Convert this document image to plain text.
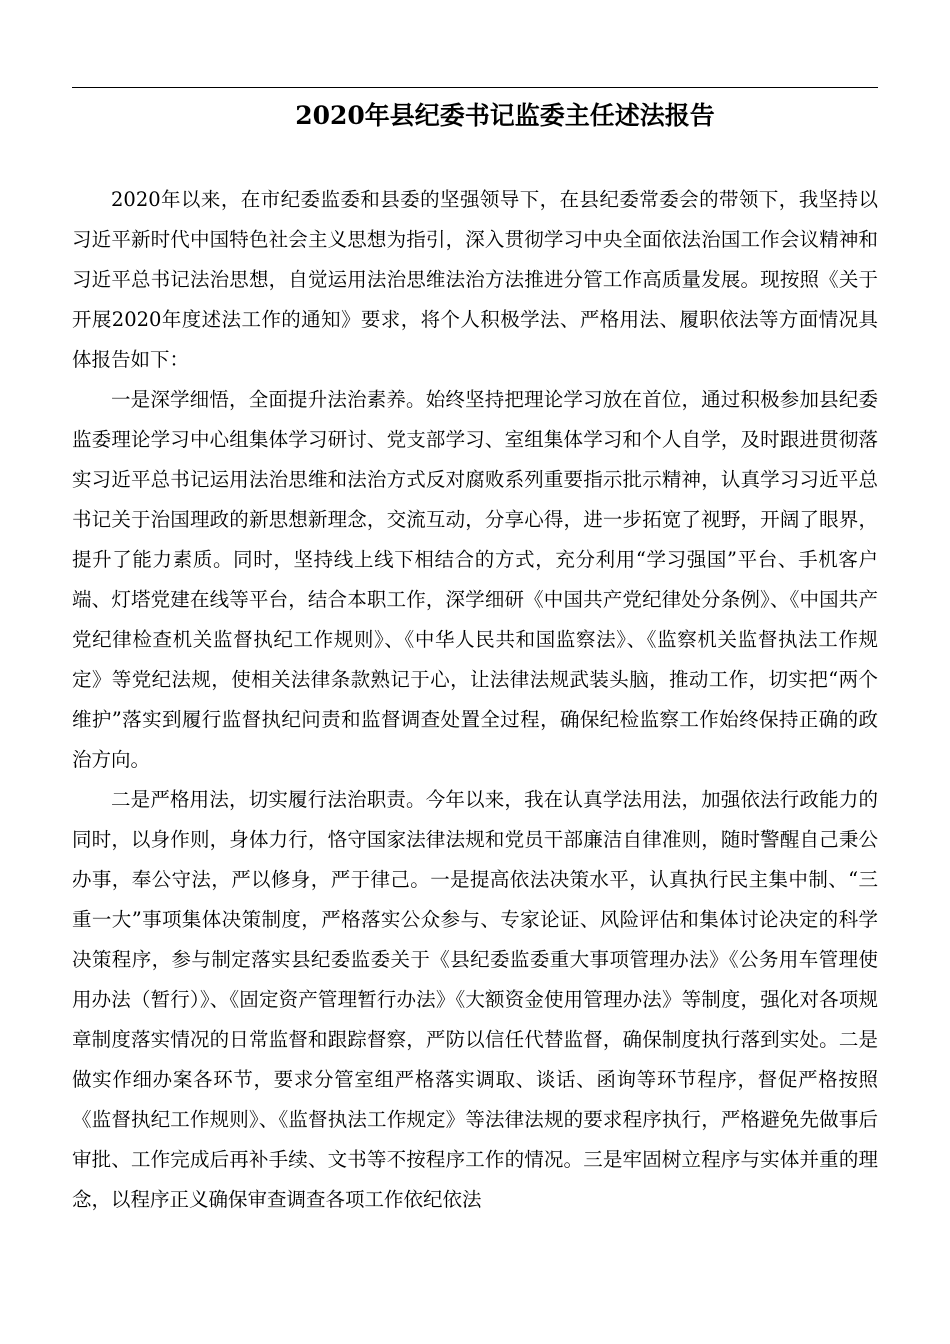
2020年县纪委书记监委主任述法报告

2020年以来，在市纪委监委和县委的坚强领导下，在县纪委常委会的带领下，我坚持以习近平新时代中国特色社会主义思想为指引，深入贯彻学习中央全面依法治国工作会议精神和习近平总书记法治思想，自觉运用法治思维法治方法推进分管工作高质量发展。现按照《关于开展2020年度述法工作的通知》要求，将个人积极学法、严格用法、履职依法等方面情况具体报告如下：

一是深学细悟，全面提升法治素养。始终坚持把理论学习放在首位，通过积极参加县纪委监委理论学习中心组集体学习研讨、党支部学习、室组集体学习和个人自学，及时跟进贯彻落实习近平总书记运用法治思维和法治方式反对腐败系列重要指示批示精神，认真学习习近平总书记关于治国理政的新思想新理念，交流互动，分享心得，进一步拓宽了视野，开阔了眼界，提升了能力素质。同时，坚持线上线下相结合的方式，充分利用“学习强国”平台、手机客户端、灯塔党建在线等平台，结合本职工作，深学细研《中国共产党纪律处分条例》、《中国共产党纪律检查机关监督执纪工作规则》、《中华人民共和国监察法》、《监察机关监督执法工作规定》等党纪法规，使相关法律条款熟记于心，让法律法规武装头脑，推动工作，切实把“两个维护”落实到履行监督执纪问责和监督调查处置全过程，确保纪检监察工作始终保持正确的政治方向。

二是严格用法，切实履行法治职责。今年以来，我在认真学法用法，加强依法行政能力的同时，以身作则，身体力行，恪守国家法律法规和党员干部廉洁自律准则，随时警醒自己秉公办事，奉公守法，严以修身，严于律己。一是提高依法决策水平，认真执行民主集中制、“三重一大”事项集体决策制度，严格落实公众参与、专家论证、风险评估和集体讨论决定的科学决策程序，参与制定落实县纪委监委关于《县纪委监委重大事项管理办法》《公务用车管理使用办法（暂行）》、《固定资产管理暂行办法》《大额资金使用管理办法》等制度，强化对各项规章制度落实情况的日常监督和跟踪督察，严防以信任代替监督，确保制度执行落到实处。二是做实作细办案各环节，要求分管室组严格落实调取、谈话、函询等环节程序，督促严格按照《监督执纪工作规则》、《监督执法工作规定》等法律法规的要求程序执行，严格避免先做事后审批、工作完成后再补手续、文书等不按程序工作的情况。三是牢固树立程序与实体并重的理念，以程序正义确保审查调查各项工作依纪依法
